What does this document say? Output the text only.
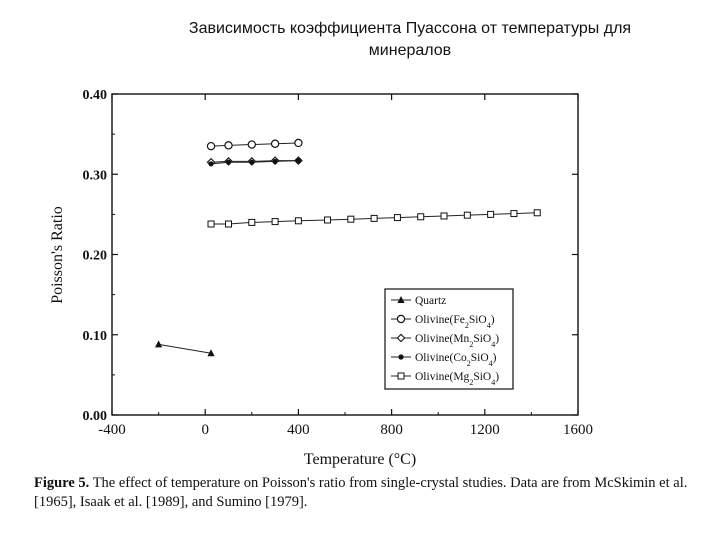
Зависимость коэффициента Пуассона от температуры для
минералов
0.00
0.10
0.20
0.30
0.40
-400	0	400	800	1200	1600
Quartz
$Olivine(Fe_2SiO_4)$
$Olivine(Mn_2SiO_4)$
$Olivine(Co_2SiO_4)$
$Olivine(Mg_2SiO_4)$
Temperature (°C)
Poisson's Ratio
Figure 5. The effect of temperature on Poisson's ratio from single-crystal studies. Data are from McSkimin et al. [1965], Isaak et al. [1989], and Sumino [1979].
